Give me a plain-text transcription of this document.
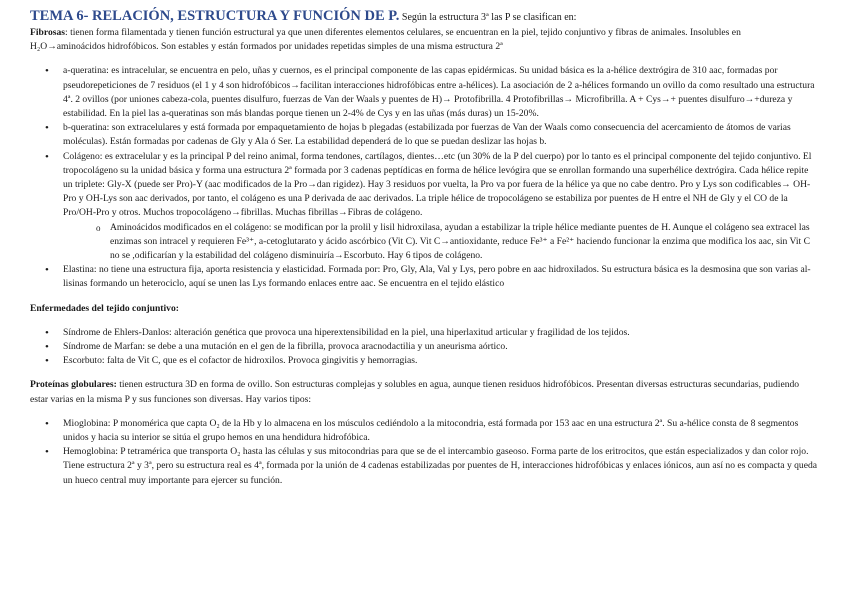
TEMA 6- RELACIÓN, ESTRUCTURA Y FUNCIÓN DE P. Según la estructura 3ª las P se clasifican en:

Fibrosas: tienen forma filamentada y tienen función estructural ya que unen diferentes elementos celulares, se encuentran en la piel, tejido conjuntivo y fibras de animales. Insolubles en H₂O→aminoácidos hidrofóbicos. Son estables y están formados por unidades repetidas simples de una misma estructura 2ª

• a-queratina: es intracelular, se encuentra en pelo, uñas y cuernos, es el principal componente de las capas epidérmicas. Su unidad básica es la a-hélice dextrógira de 310 aac, formadas por pseudorepeticiones de 7 residuos (el 1 y 4 son hidrofóbicos→facilitan interacciones hidrofóbicas entre a-hélices). La asociación de 2 a-hélices formando un ovillo da como resultado una estructura 4ª. 2 ovillos (por uniones cabeza-cola, puentes disulfuro, fuerzas de Van der Waals y puentes de H)→ Protofibrilla. 4 Protofibrillas→ Microfibrilla. A + Cys→+ puentes disulfuro→+dureza y estabilidad. En la piel las a-queratinas son más blandas porque tienen un 2-4% de Cys y en las uñas (más duras) un 15-20%.
• b-queratina: son extracelulares y está formada por empaquetamiento de hojas b plegadas (estabilizada por fuerzas de Van der Waals como consecuencia del acercamiento de átomos de varias moléculas). Están formadas por cadenas de Gly y Ala ó Ser. La estabilidad dependerá de lo que se puedan deslizar las hojas b.
• Colágeno: es extracelular y es la principal P del reino animal, forma tendones, cartílagos, dientes…etc (un 30% de la P del cuerpo) por lo tanto es el principal componente del tejido conjuntivo. El tropocolágeno su la unidad básica y forma una estructura 2ª formada por 3 cadenas peptídicas en forma de hélice levógira que se enrollan formando una superhélice dextrógira. Cada hélice repite un triplete: Gly-X (puede ser Pro)-Y (aac modificados de la Pro→dan rigidez). Hay 3 residuos por vuelta, la Pro va por fuera de la hélice ya que no cabe dentro. Pro y Lys son codificables→ OH-Pro y OH-Lys son aac derivados, por tanto, el colágeno es una P derivada de aac derivados. La triple hélice de tropocolágeno se estabiliza por puentes de H entre el NH de Gly y el CO de la Pro/OH-Pro y otros. Muchos tropocolágeno→fibrillas. Muchas fibrillas→Fibras de colágeno.
o Aminoácidos modificados en el colágeno: se modifican por la prolil y lisil hidroxilasa, ayudan a estabilizar la triple hélice mediante puentes de H. Aunque el colágeno sea extracel las enzimas son intracel y requieren Fe³⁺, a-cetoglutarato y ácido ascórbico (Vit C). Vit C→antioxidante, reduce Fe³⁺ a Fe²⁺ haciendo funcionar la enzima que modifica los aac, sin Vit C no se ,odificarían y la estabilidad del colágeno disminuiría→Escorbuto. Hay 6 tipos de colágeno.
• Elastina: no tiene una estructura fija, aporta resistencia y elasticidad. Formada por: Pro, Gly, Ala, Val y Lys, pero pobre en aac hidroxilados. Su estructura básica es la desmosina que son varias al-lisinas formando un heterociclo, aquí se unen las Lys formando enlaces entre aac. Se encuentra en el tejido elástico

Enfermedades del tejido conjuntivo:

• Síndrome de Ehlers-Danlos: alteración genética que provoca una hiperextensibilidad en la piel, una hiperlaxitud articular y fragilidad de los tejidos.
• Síndrome de Marfan: se debe a una mutación en el gen de la fibrilla, provoca aracnodactilia y un aneurisma aórtico.
• Escorbuto: falta de Vit C, que es el cofactor de hidroxilos. Provoca gingivitis y hemorragias.

Proteínas globulares: tienen estructura 3D en forma de ovillo. Son estructuras complejas y solubles en agua, aunque tienen residuos hidrofóbicos. Presentan diversas estructuras secundarias, pudiendo estar varias en la misma P y sus funciones son diversas. Hay varios tipos:

• Mioglobina: P monomérica que capta O₂ de la Hb y lo almacena en los músculos cediéndolo a la mitocondria, está formada por 153 aac en una estructura 2ª. Su a-hélice consta de 8 segmentos unidos y hacia su interior se sitúa el grupo hemos en una hendidura hidrofóbica.
• Hemoglobina: P tetramérica que transporta O₂ hasta las células y sus mitocondrias para que se de el intercambio gaseoso. Forma parte de los eritrocitos, que están especializados y dan color rojo. Tiene estructura 2ª y 3ª, pero su estructura real es 4ª, formada por la unión de 4 cadenas estabilizadas por puentes de H, interacciones hidrofóbicas y enlaces iónicos, aun así no es compacta y queda un hueco central muy importante para ejercer su función.
